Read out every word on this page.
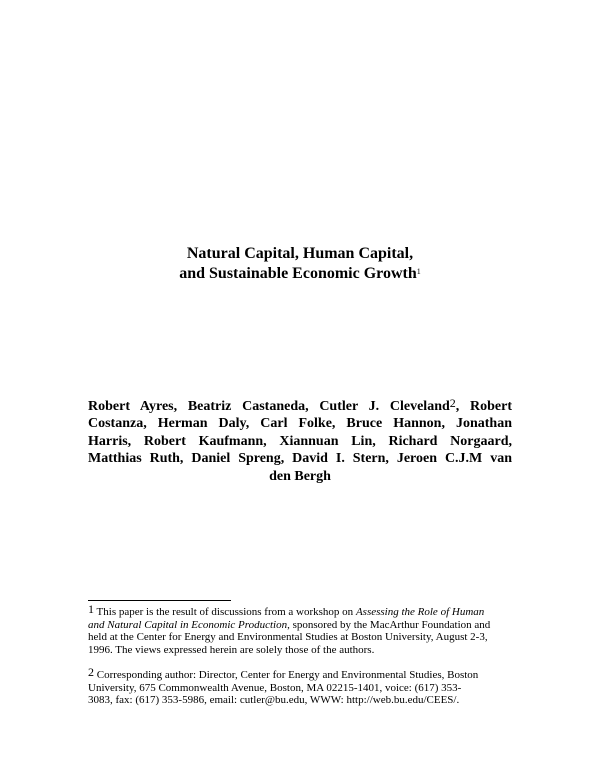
Natural Capital, Human Capital,
and Sustainable Economic Growth$^1$
Robert Ayres, Beatriz Castaneda, Cutler J. Cleveland$^2$, Robert
Costanza, Herman Daly, Carl Folke, Bruce Hannon, Jonathan
Harris, Robert Kaufmann, Xiannuan Lin, Richard Norgaard,
Matthias Ruth, Daniel Spreng, David I. Stern, Jeroen C.J.M van
den Bergh
1 This paper is the result of discussions from a workshop on Assessing the Role of Human
and Natural Capital in Economic Production, sponsored by the MacArthur Foundation and
held at the Center for Energy and Environmental Studies at Boston University, August 2-3,
1996. The views expressed herein are solely those of the authors.
2 Corresponding author: Director, Center for Energy and Environmental Studies, Boston
University, 675 Commonwealth Avenue, Boston, MA 02215-1401, voice: (617) 353-
3083, fax: (617) 353-5986, email: cutler@bu.edu, WWW: http://web.bu.edu/CEES/.
